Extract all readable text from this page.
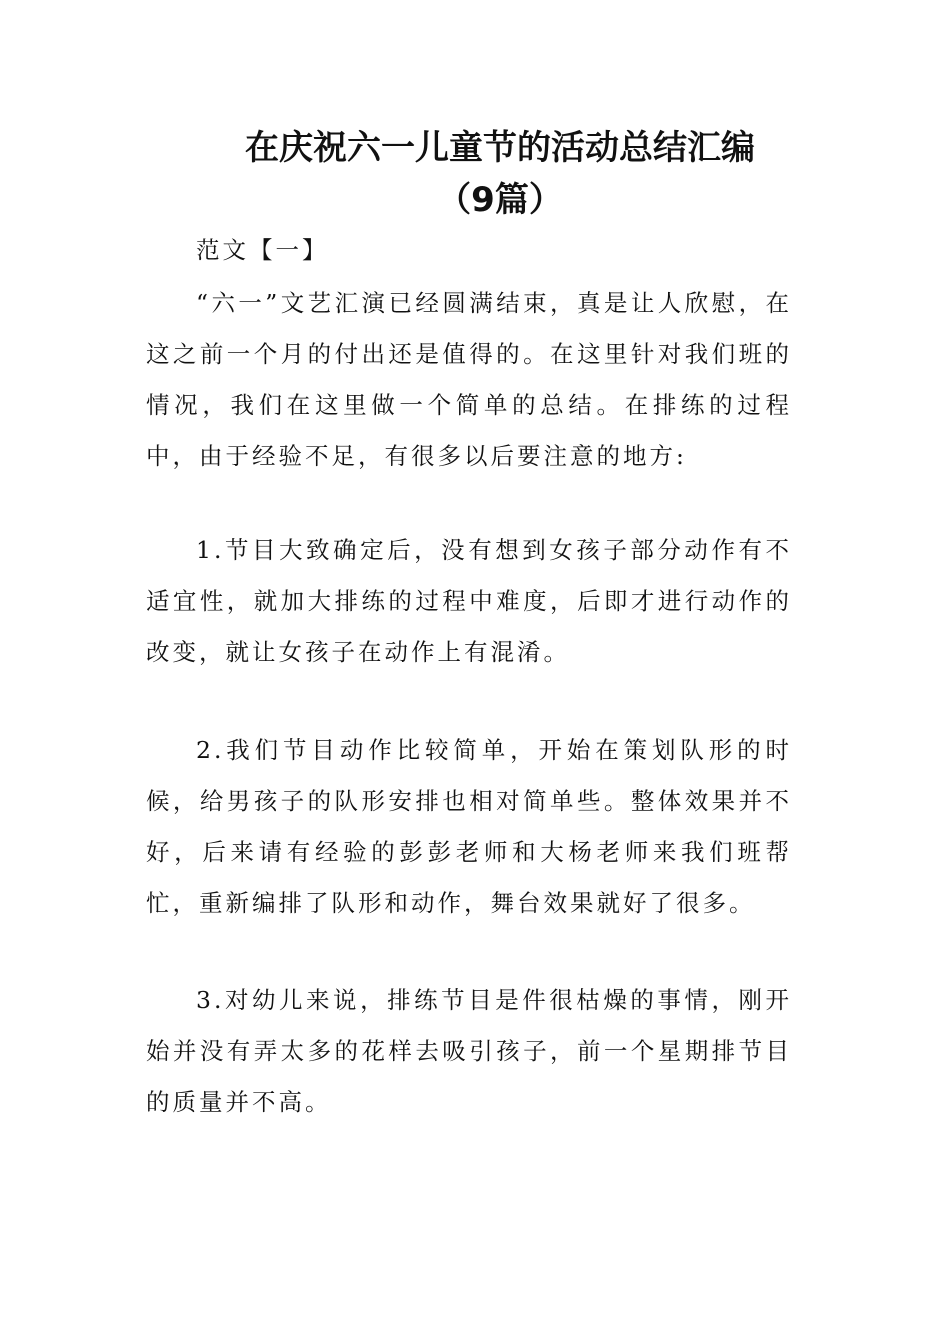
在庆祝六一儿童节的活动总结汇编
（9篇）
范文【一】
“六一”文艺汇演已经圆满结束，真是让人欣慰，在这之前一个月的付出还是值得的。在这里针对我们班的情况，我们在这里做一个简单的总结。在排练的过程中，由于经验不足，有很多以后要注意的地方:
1.节目大致确定后，没有想到女孩子部分动作有不适宜性，就加大排练的过程中难度，后即才进行动作的改变，就让女孩子在动作上有混淆。
2.我们节目动作比较简单，开始在策划队形的时候，给男孩子的队形安排也相对简单些。整体效果并不好，后来请有经验的彭彭老师和大杨老师来我们班帮忙，重新编排了队形和动作，舞台效果就好了很多。
3.对幼儿来说，排练节目是件很枯燥的事情，刚开始并没有弄太多的花样去吸引孩子，前一个星期排节目的质量并不高。
